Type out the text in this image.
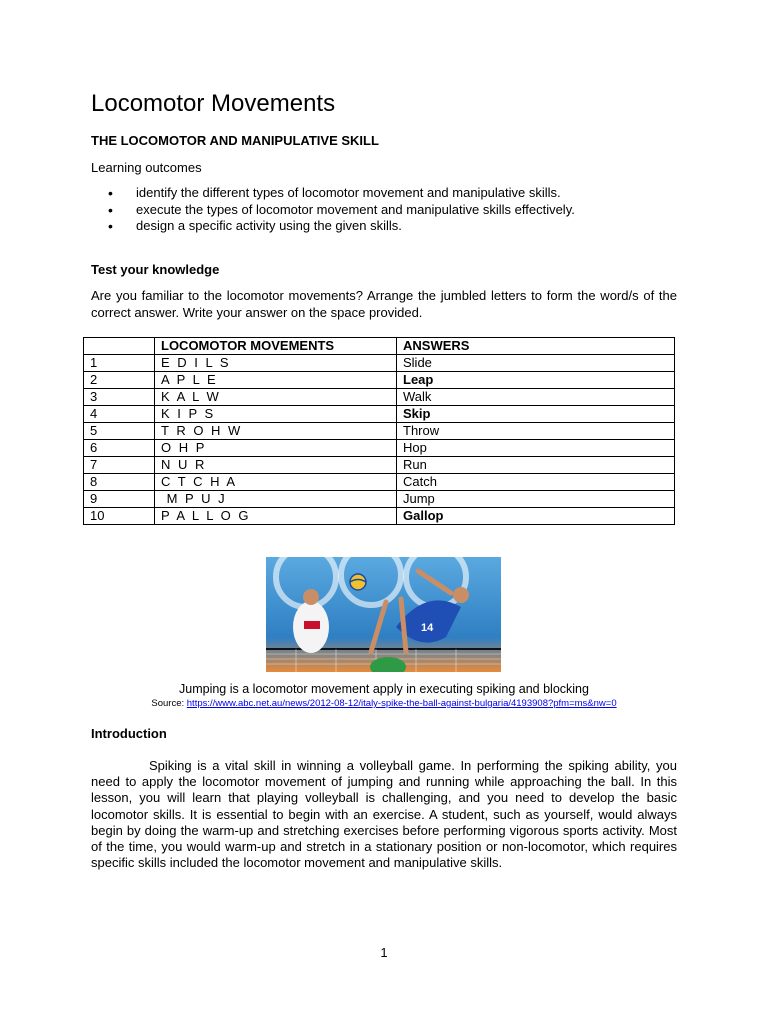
Locomotor Movements
THE LOCOMOTOR AND MANIPULATIVE SKILL
Learning outcomes
• identify the different types of locomotor movement and manipulative skills.
• execute the types of locomotor movement and manipulative skills effectively.
• design a specific activity using the given skills.
Test your knowledge
Are you familiar to the locomotor movements? Arrange the jumbled letters to form the word/s of the correct answer. Write your answer on the space provided.
	LOCOMOTOR MOVEMENTS	ANSWERS
1	E D I L S	Slide
2	A P L E	Leap
3	K A L W	Walk
4	K I P S	Skip
5	T R O H W	Throw
6	O H P	Hop
7	N U R	Run
8	C T C H A	Catch
9	M P U J	Jump
10	P A L L O G	Gallop
14
Jumping is a locomotor movement apply in executing spiking and blocking
Source: https://www.abc.net.au/news/2012-08-12/italy-spike-the-ball-against-bulgaria/4193908?pfm=ms&nw=0
Introduction

Spiking is a vital skill in winning a volleyball game. In performing the spiking ability, you need to apply the locomotor movement of jumping and running while approaching the ball. In this lesson, you will learn that playing volleyball is challenging, and you need to develop the basic locomotor skills. It is essential to begin with an exercise. A student, such as yourself, would always begin by doing the warm-up and stretching exercises before performing vigorous sports activity. Most of the time, you would warm-up and stretch in a stationary position or non-locomotor, which requires specific skills included the locomotor movement and manipulative skills.

1
